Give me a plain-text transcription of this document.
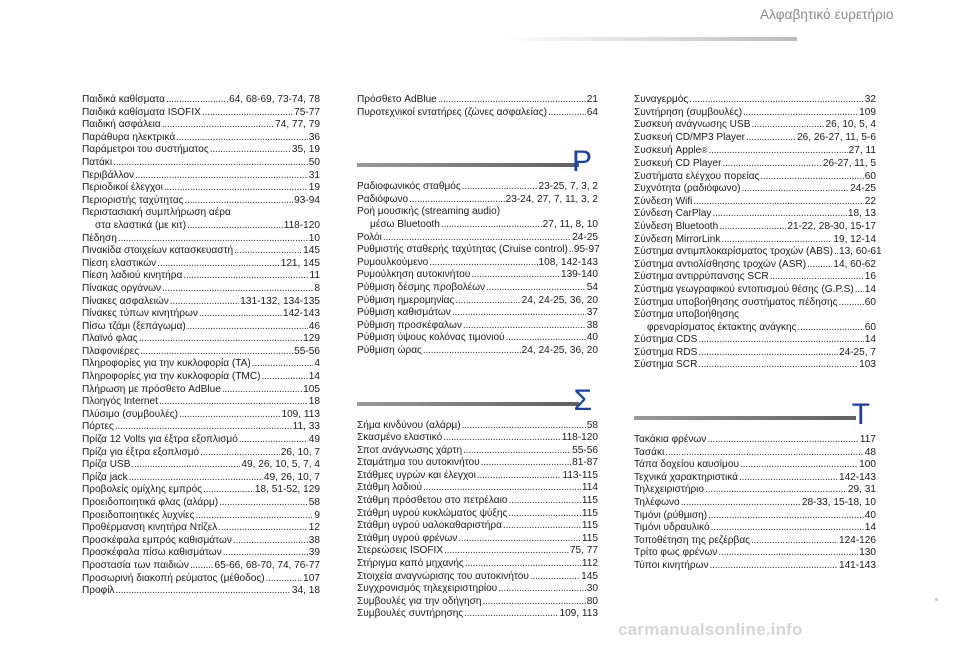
Αλφαβητικό ευρετήριο
Παιδικά καθίσματα .....	64, 68-69, 73-74, 78
Παιδικά καθίσματα ISOFIX .....	75-77
Παιδική ασφάλεια .....	74, 77, 79
Παράθυρα ηλεκτρικά .....	36
Παράμετροι του συστήματος .....	35, 19
Πατάκι .....	50
Περιβάλλον .....	31
Περιοδικοί έλεγχοι .....	19
Περιοριστής ταχύτητας .....	93-94
Περιστασιακή συμπλήρωση αέρα
στα ελαστικά (με κιτ) .....	118-120
Πέδηση .....	10
Πινακίδα στοιχείων κατασκευαστή .....	145
Πίεση ελαστικών .....	121, 145
Πίεση λαδιού κινητήρα .....	11
Πίνακας οργάνων .....	8
Πίνακες ασφαλειών .....	131-132, 134-135
Πίνακες τύπων κινητήρων .....	142-143
Πίσω τζάμι (ξεπάγωμα) .....	46
Πλαϊνό φλας .....	129
Πλαφονιέρες .....	55-56
Πληροφορίες για την κυκλοφορία (TA) .....	4
Πληροφορίες για την κυκλοφορία (TMC) .....	14
Πλήρωση με πρόσθετο AdBlue .....	105
Πλοηγός Internet .....	18
Πλύσιμο (συμβουλές) .....	109, 113
Πόρτες .....	11, 33
Πρίζα 12 Volts για έξτρα εξοπλισμό .....	49
Πρίζα για έξτρα εξοπλισμό .....	26, 10, 7
Πρίζα USB .....	49, 26, 10, 5, 7, 4
Πρίζα jack .....	49, 26, 10, 7
Προβολείς ομίχλης εμπρός .....	18, 51-52, 129
Προειδοποιητικά φλας (αλάρμ) .....	58
Προειδοποιητικές λυχνίες .....	9
Προθέρμανση κινητήρα Ντίζελ .....	12
Προσκέφαλα εμπρός καθισμάτων .....	38
Προσκέφαλα πίσω καθισμάτων .....	39
Προστασία των παιδιών .....	65-66, 68-70, 74, 76-77
Προσωρινή διακοπή ρεύματος (μέθοδος) .....	107
Προφίλ .....	34, 18
Πρόσθετο AdBlue .....	21
Πυροτεχνικοί εντατήρες (ζώνες ασφαλείας) .....	64
Ρ
Ραδιοφωνικός σταθμός .....	23-25, 7, 3, 2
Ραδιόφωνο .....	23-24, 27, 7, 11, 3, 2
Ροή μουσικής (streaming audio)
μέσω Bluetooth .....	27, 11, 8, 10
Ρολόι .....	24-25
Ρυθμιστής σταθερής ταχύτητας (Cruise control) ..... 95-97
Ρυμουλκούμενο .....	108, 142-143
Ρυμούλκηση αυτοκινήτου .....	139-140
Ρύθμιση δέσμης προβολέων .....	54
Ρύθμιση ημερομηνίας .....	24, 24-25, 36, 20
Ρύθμιση καθισμάτων .....	37
Ρύθμιση προσκέφαλων .....	38
Ρύθμιση ύψους κολόνας τιμονιού .....	40
Ρύθμιση ώρας .....	24, 24-25, 36, 20
Σ
Σήμα κινδύνου (αλάρμ) .....	58
Σκασμένο ελαστικό .....	118-120
Σποτ ανάγνωσης χάρτη .....	55-56
Σταμάτημα του αυτοκινήτου .....	81-87
Στάθμες υγρών και έλεγχοι .....	113-115
Στάθμη λαδιού .....	114
Στάθμη πρόσθετου στο πετρέλαιο .....	115
Στάθμη υγρού κυκλώματος ψύξης .....	115
Στάθμη υγρού υαλοκαθαριστήρα .....	115
Στάθμη υγρού φρένων .....	115
Στερεώσεις ISOFIX .....	75, 77
Στήριγμα καπό μηχανής .....	112
Στοιχεία αναγνώρισης του αυτοκινήτου .....	145
Συγχρονισμός τηλεχειριστηρίου .....	30
Συμβουλές για την οδήγηση .....	80
Συμβουλές συντήρησης .....	109, 113
Συναγερμός .....	32
Συντήρηση (συμβουλές) .....	109
Συσκευή ανάγνωσης USB .....	26, 10, 5, 4
Συσκευή CD/MP3 Player .....	26, 26-27, 11, 5-6
Συσκευή Apple ® .....	27, 11
Συσκευή CD Player .....	26-27, 11, 5
Συστήματα ελέγχου πορείας .....	60
Συχνότητα (ραδιόφωνο) .....	24-25
Σύνδεση Wifi .....	22
Σύνδεση CarPlay .....	18, 13
Σύνδεση Bluetooth .....	21-22, 28-30, 15-17
Σύνδεση MirrorLink .....	19, 12-14
Σύστημα αντιμπλοκαρίσματος τροχών (ABS) ..... 13, 60-61
Σύστημα αντιολίσθησης τροχών (ASR) .....	14, 60-62
Σύστημα αντιρρύπανσης SCR .....	16
Σύστημα γεωγραφικού εντοπισμού θέσης (G.P.S) ..... 14
Σύστημα υποβοήθησης συστήματος πέδησης .....	60
Σύστημα υποβοήθησης
φρεναρίσματος έκτακτης ανάγκης .....	60
Σύστημα CDS .....	14
Σύστημα RDS .....	24-25, 7
Σύστημα SCR .....	103
Τ
Τακάκια φρένων .....	117
Τασάκι .....	48
Τάπα δοχείου καυσίμου .....	100
Τεχνικά χαρακτηριστικά .....	142-143
Τηλεχειριστήριο .....	29, 31
Τηλέφωνο .....	28-33, 15-18, 10
Τιμόνι (ρύθμιση) .....	40
Τιμόνι υδραυλικό .....	14
Τοποθέτηση της ρεζέρβας .....	124-126
Τρίτο φως φρένων .....	130
Τύποι κινητήρων .....	141-143
carmanualsonline.info
